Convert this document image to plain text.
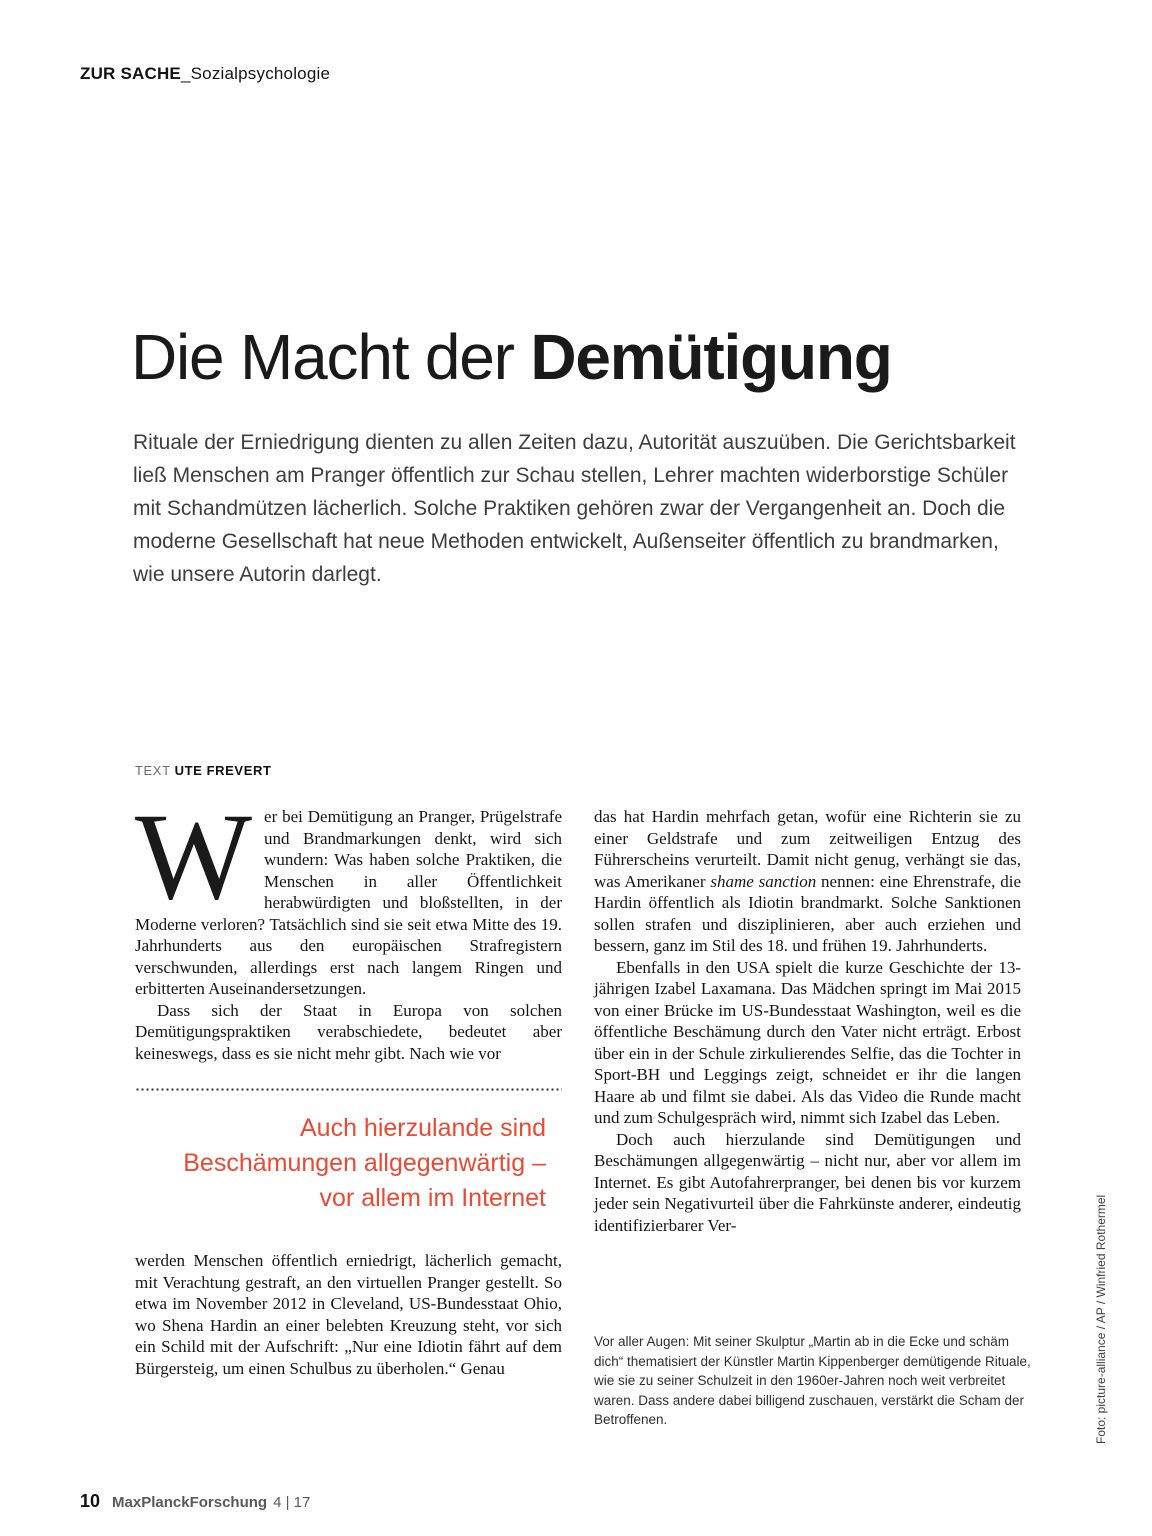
ZUR SACHE_Sozialpsychologie
Die Macht der Demütigung

Rituale der Erniedrigung dienten zu allen Zeiten dazu, Autorität auszuüben. Die Gerichtsbarkeit ließ Menschen am Pranger öffentlich zur Schau stellen, Lehrer machten widerborstige Schüler mit Schandmützen lächerlich. Solche Praktiken gehören zwar der Vergangenheit an. Doch die moderne Gesellschaft hat neue Methoden entwickelt, Außenseiter öffentlich zu brandmarken, wie unsere Autorin darlegt.

TEXT UTE FREVERT

Wer bei Demütigung an Pranger, Prügelstrafe und Brandmarkungen denkt, wird sich wundern: Was haben solche Praktiken, die Menschen in aller Öffentlichkeit herabwürdigten und bloßstellten, in der Moderne verloren? Tatsächlich sind sie seit etwa Mitte des 19. Jahrhunderts aus den europäischen Strafregistern verschwunden, allerdings erst nach langem Ringen und erbitterten Auseinandersetzungen.

Dass sich der Staat in Europa von solchen Demütigungspraktiken verabschiedete, bedeutet aber keineswegs, dass es sie nicht mehr gibt. Nach wie vor

Auch hierzulande sind
Beschämungen allgegenwärtig –
vor allem im Internet

werden Menschen öffentlich erniedrigt, lächerlich gemacht, mit Verachtung gestraft, an den virtuellen Pranger gestellt. So etwa im November 2012 in Cleveland, US-Bundesstaat Ohio, wo Shena Hardin an einer belebten Kreuzung steht, vor sich ein Schild mit der Aufschrift: „Nur eine Idiotin fährt auf dem Bürgersteig, um einen Schulbus zu überholen.“ Genau

das hat Hardin mehrfach getan, wofür eine Richterin sie zu einer Geldstrafe und zum zeitweiligen Entzug des Führerscheins verurteilt. Damit nicht genug, verhängt sie das, was Amerikaner shame sanction nennen: eine Ehrenstrafe, die Hardin öffentlich als Idiotin brandmarkt. Solche Sanktionen sollen strafen und disziplinieren, aber auch erziehen und bessern, ganz im Stil des 18. und frühen 19. Jahrhunderts.

Ebenfalls in den USA spielt die kurze Geschichte der 13-jährigen Izabel Laxamana. Das Mädchen springt im Mai 2015 von einer Brücke im US-Bundesstaat Washington, weil es die öffentliche Beschämung durch den Vater nicht erträgt. Erbost über ein in der Schule zirkulierendes Selfie, das die Tochter in Sport-BH und Leggings zeigt, schneidet er ihr die langen Haare ab und filmt sie dabei. Als das Video die Runde macht und zum Schulgespräch wird, nimmt sich Izabel das Leben.

Doch auch hierzulande sind Demütigungen und Beschämungen allgegenwärtig – nicht nur, aber vor allem im Internet. Es gibt Autofahrerpranger, bei denen bis vor kurzem jeder sein Negativurteil über die Fahrkünste anderer, eindeutig identifizierbarer Ver-

Vor aller Augen: Mit seiner Skulptur „Martin ab in die Ecke und schäm dich“ thematisiert der Künstler Martin Kippenberger demütigende Rituale, wie sie zu seiner Schulzeit in den 1960er-Jahren noch weit verbreitet waren. Dass andere dabei billigend zuschauen, verstärkt die Scham der Betroffenen.	Foto: picture-alliance / AP / Winfried Rothermel
10 MaxPlanckForschung 4 | 17
